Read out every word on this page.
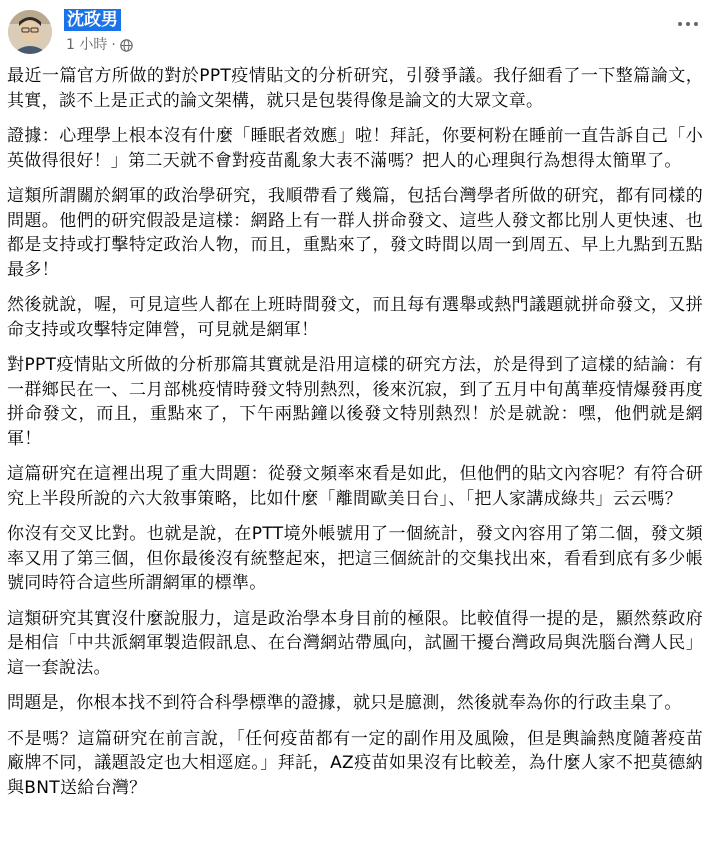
沈政男
1 小時 ·

最近一篇官方所做的對於PPT疫情貼文的分析研究，引發爭議。我仔細看了一下整篇論文，其實，談不上是正式的論文架構，就只是包裝得像是論文的大眾文章。

證據：心理學上根本沒有什麼「睡眠者效應」啦！拜託，你要柯粉在睡前一直告訴自己「小英做得很好！」第二天就不會對疫苗亂象大表不滿嗎？把人的心理與行為想得太簡單了。

這類所謂關於網軍的政治學研究，我順帶看了幾篇，包括台灣學者所做的研究，都有同樣的問題。他們的研究假設是這樣：網路上有一群人拼命發文、這些人發文都比別人更快速、也都是支持或打擊特定政治人物，而且，重點來了，發文時間以周一到周五、早上九點到五點最多！

然後就說，喔，可見這些人都在上班時間發文，而且每有選舉或熱門議題就拼命發文，又拼命支持或攻擊特定陣營，可見就是網軍！

對PPT疫情貼文所做的分析那篇其實就是沿用這樣的研究方法，於是得到了這樣的結論：有一群鄉民在一、二月部桃疫情時發文特別熱烈，後來沉寂，到了五月中旬萬華疫情爆發再度拼命發文，而且，重點來了，下午兩點鐘以後發文特別熱烈！於是就說：嘿，他們就是網軍！

這篇研究在這裡出現了重大問題：從發文頻率來看是如此，但他們的貼文內容呢？有符合研究上半段所說的六大敘事策略，比如什麼「離間歐美日台」、「把人家講成綠共」云云嗎？

你沒有交叉比對。也就是說，在PTT境外帳號用了一個統計，發文內容用了第二個，發文頻率又用了第三個，但你最後沒有統整起來，把這三個統計的交集找出來，看看到底有多少帳號同時符合這些所謂網軍的標準。

這類研究其實沒什麼說服力，這是政治學本身目前的極限。比較值得一提的是，顯然蔡政府是相信「中共派網軍製造假訊息、在台灣網站帶風向，試圖干擾台灣政局與洗腦台灣人民」這一套說法。

問題是，你根本找不到符合科學標準的證據，就只是臆測，然後就奉為你的行政圭臬了。

不是嗎？這篇研究在前言說，「任何疫苗都有一定的副作用及風險，但是輿論熱度隨著疫苗廠牌不同，議題設定也大相逕庭。」拜託，AZ疫苗如果沒有比較差，為什麼人家不把莫德納與BNT送給台灣？
